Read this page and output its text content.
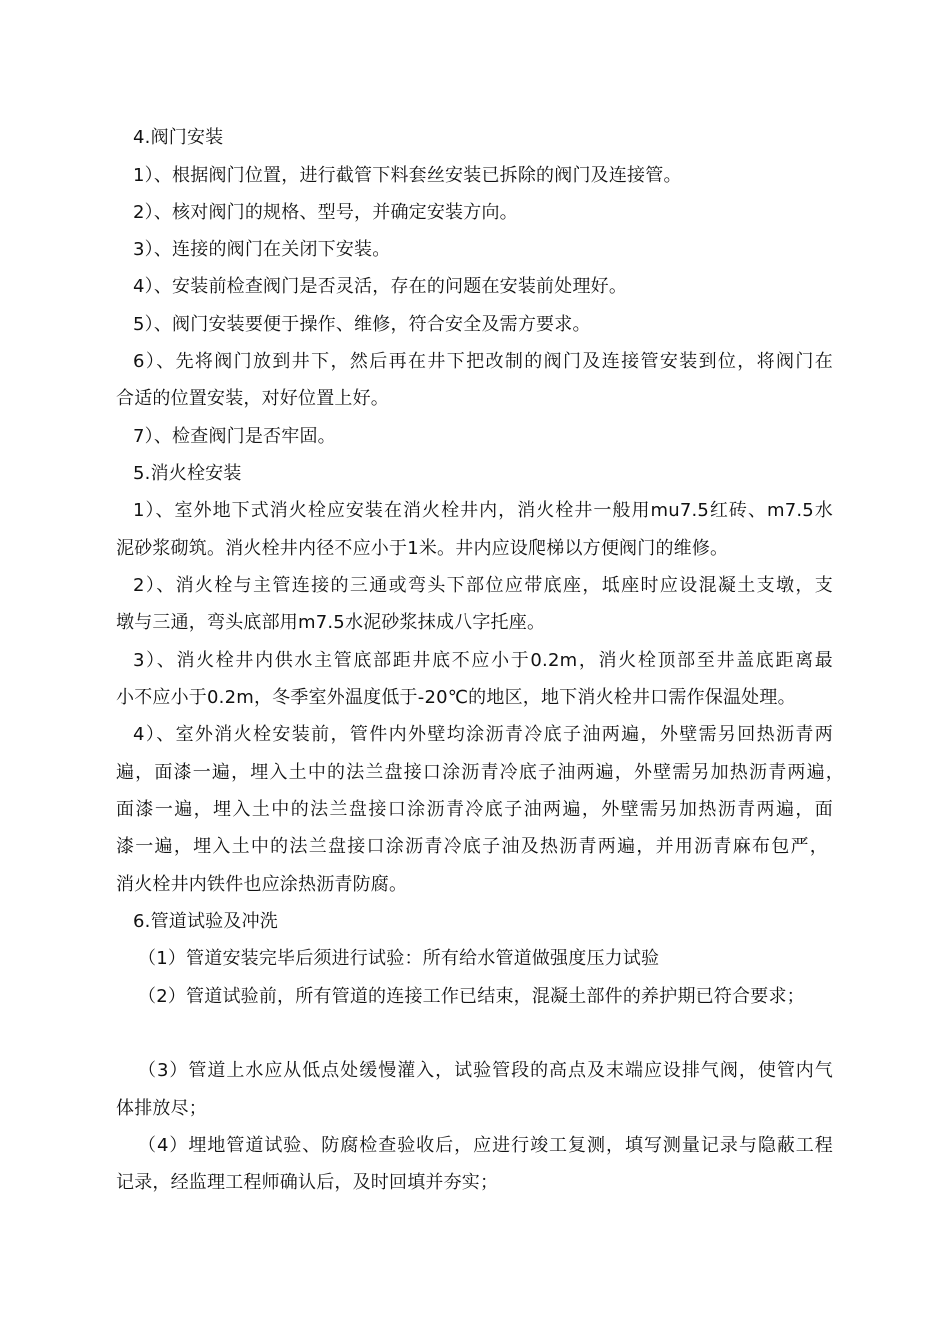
4.阀门安装
1）、根据阀门位置，进行截管下料套丝安装已拆除的阀门及连接管。
2）、核对阀门的规格、型号，并确定安装方向。
3）、连接的阀门在关闭下安装。
4）、安装前检查阀门是否灵活，存在的问题在安装前处理好。
5）、阀门安装要便于操作、维修，符合安全及需方要求。
6）、先将阀门放到井下，然后再在井下把改制的阀门及连接管安装到位，将阀门在
合适的位置安装，对好位置上好。
7）、检查阀门是否牢固。
5.消火栓安装
1）、室外地下式消火栓应安装在消火栓井内，消火栓井一般用mu7.5红砖、m7.5水
泥砂浆砌筑。消火栓井内径不应小于1米。井内应设爬梯以方便阀门的维修。
2）、消火栓与主管连接的三通或弯头下部位应带底座，坻座时应设混凝土支墩，支
墩与三通，弯头底部用m7.5水泥砂浆抹成八字托座。
3）、消火栓井内供水主管底部距井底不应小于0.2m，消火栓顶部至井盖底距离最
小不应小于0.2m，冬季室外温度低于-20℃的地区，地下消火栓井口需作保温处理。
4）、室外消火栓安装前，管件内外壁均涂沥青冷底子油两遍，外壁需另回热沥青两
遍，面漆一遍，埋入土中的法兰盘接口涂沥青冷底子油两遍，外壁需另加热沥青两遍，
面漆一遍，埋入土中的法兰盘接口涂沥青冷底子油两遍，外壁需另加热沥青两遍，面
漆一遍，埋入土中的法兰盘接口涂沥青冷底子油及热沥青两遍，并用沥青麻布包严，
消火栓井内铁件也应涂热沥青防腐。
6.管道试验及冲洗
（1）管道安装完毕后须进行试验：所有给水管道做强度压力试验
（2）管道试验前，所有管道的连接工作已结束，混凝土部件的养护期已符合要求；
（3）管道上水应从低点处缓慢灌入，试验管段的高点及末端应设排气阀，使管内气
体排放尽；
（4）埋地管道试验、防腐检查验收后，应进行竣工复测，填写测量记录与隐蔽工程
记录，经监理工程师确认后，及时回填并夯实；
